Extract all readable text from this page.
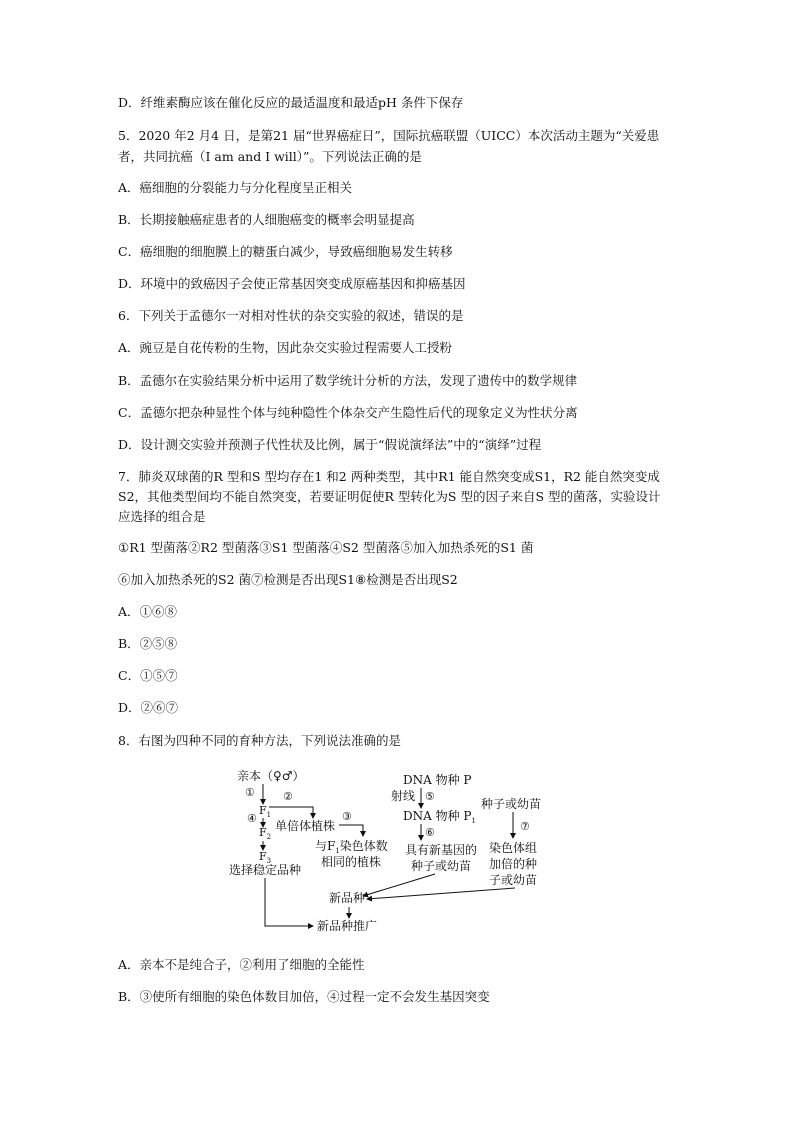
D．纤维素酶应该在催化反应的最适温度和最适pH 条件下保存
5．2020 年2 月4 日，是第21 届“世界癌症日”，国际抗癌联盟（UICC）本次活动主题为“关爱患
者，共同抗癌（I am and I will）”。下列说法正确的是
A．癌细胞的分裂能力与分化程度呈正相关
B．长期接触癌症患者的人细胞癌变的概率会明显提高
C．癌细胞的细胞膜上的糖蛋白减少，导致癌细胞易发生转移
D．环境中的致癌因子会使正常基因突变成原癌基因和抑癌基因
6．下列关于孟德尔一对相对性状的杂交实验的叙述，错误的是
A．豌豆是自花传粉的生物，因此杂交实验过程需要人工授粉
B．孟德尔在实验结果分析中运用了数学统计分析的方法，发现了遗传中的数学规律
C．孟德尔把杂种显性个体与纯种隐性个体杂交产生隐性后代的现象定义为性状分离
D．设计测交实验并预测子代性状及比例，属于“假说演绎法”中的“演绎”过程
7．肺炎双球菌的R 型和S 型均存在1 和2 两种类型，其中R1 能自然突变成S1，R2 能自然突变成
S2，其他类型间均不能自然突变，若要证明促使R 型转化为S 型的因子来自S 型的菌落，实验设计
应选择的组合是
①R1 型菌落②R2 型菌落③S1 型菌落④S2 型菌落⑤加入加热杀死的S1 菌
⑥加入加热杀死的S2 菌⑦检测是否出现S1⑧检测是否出现S2
A．①⑥⑧
B．②⑤⑧
C．①⑤⑦
D．②⑥⑦
8．右图为四种不同的育种方法，下列说法准确的是
亲本（♀♂）
①
$F_1$
②
④
单倍体植株
③
$F_2$
$F_3$
与$F_1$染色体数
相同的植株
选择稳定品种
DNA 物种 P
射线 ⑤
DNA 物种 $P_1$
⑥
具有新基因的
种子或幼苗
种子或幼苗
⑦
染色体组
加倍的种
子或幼苗
新品种
新品种推广
A．亲本不是纯合子，②利用了细胞的全能性
B．③使所有细胞的染色体数目加倍，④过程一定不会发生基因突变
